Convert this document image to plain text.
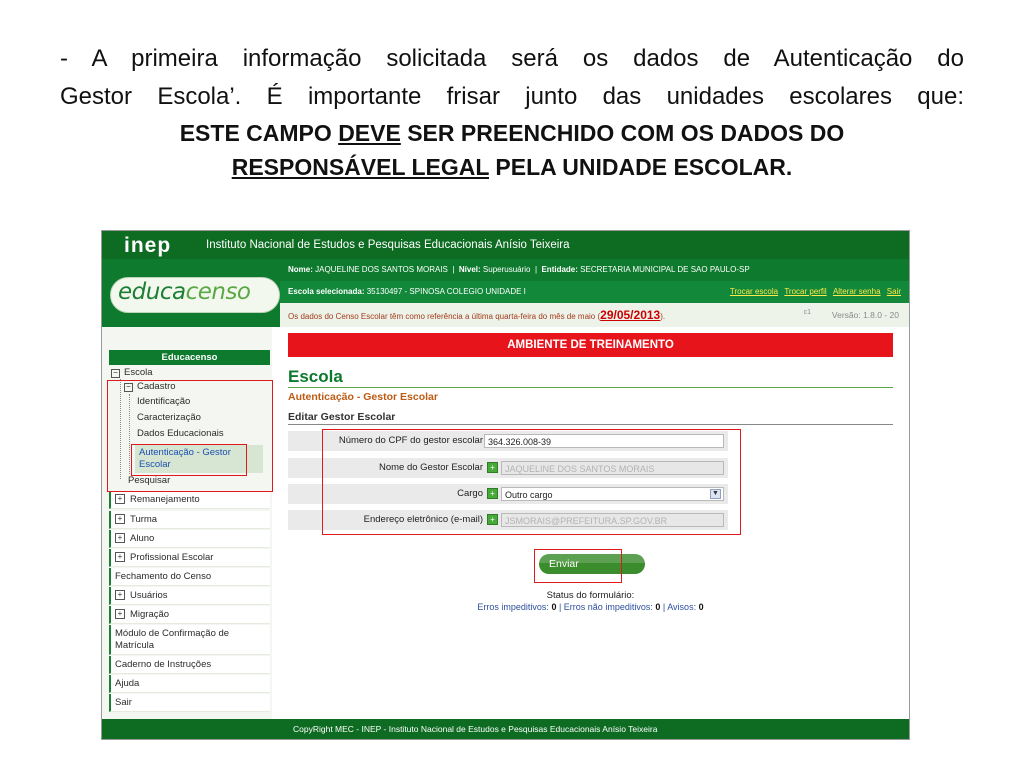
- A primeira informação solicitada será os dados de Autenticação do
Gestor Escola’. É importante frisar junto das unidades escolares que:
ESTE CAMPO DEVE SER PREENCHIDO COM OS DADOS DO
RESPONSÁVEL LEGAL PELA UNIDADE ESCOLAR.
inep	Instituto Nacional de Estudos e Pesquisas Educacionais Anísio Teixeira
educacenso
Nome: JAQUELINE DOS SANTOS MORAIS  |  Nível: Superusuário  |  Entidade: SECRETARIA MUNICIPAL DE SAO PAULO-SP
Escola selecionada: 35130497 - SPINOSA COLEGIO UNIDADE I	Trocar escola Trocar perfil Alterar senha Sair
Os dados do Censo Escolar têm como referência a última quarta-feira do mês de maio (29/05/2013).	c1 Versão: 1.8.0 - 20
Educacenso
− Escola
− Cadastro
Identificação
Caracterização
Dados Educacionais
Autenticação - Gestor Escolar
Pesquisar
+ Remanejamento
+ Turma
+ Aluno
+ Profissional Escolar
Fechamento do Censo
+ Usuários
+ Migração
Módulo de Confirmação de Matrícula
Caderno de Instruções
Ajuda
Sair
AMBIENTE DE TREINAMENTO
Escola
Autenticação - Gestor Escolar
Editar Gestor Escolar
Número do CPF do gestor escolar 364.326.008-39
Nome do Gestor Escolar +	JAQUELINE DOS SANTOS MORAIS
Cargo +	Outro cargo	▼
Endereço eletrônico (e-mail) +	JSMORAIS@PREFEITURA.SP.GOV.BR
Enviar
Status do formulário:
Erros impeditivos: 0 | Erros não impeditivos: 0 | Avisos: 0
CopyRight MEC - INEP - Instituto Nacional de Estudos e Pesquisas Educacionais Anísio Teixeira
